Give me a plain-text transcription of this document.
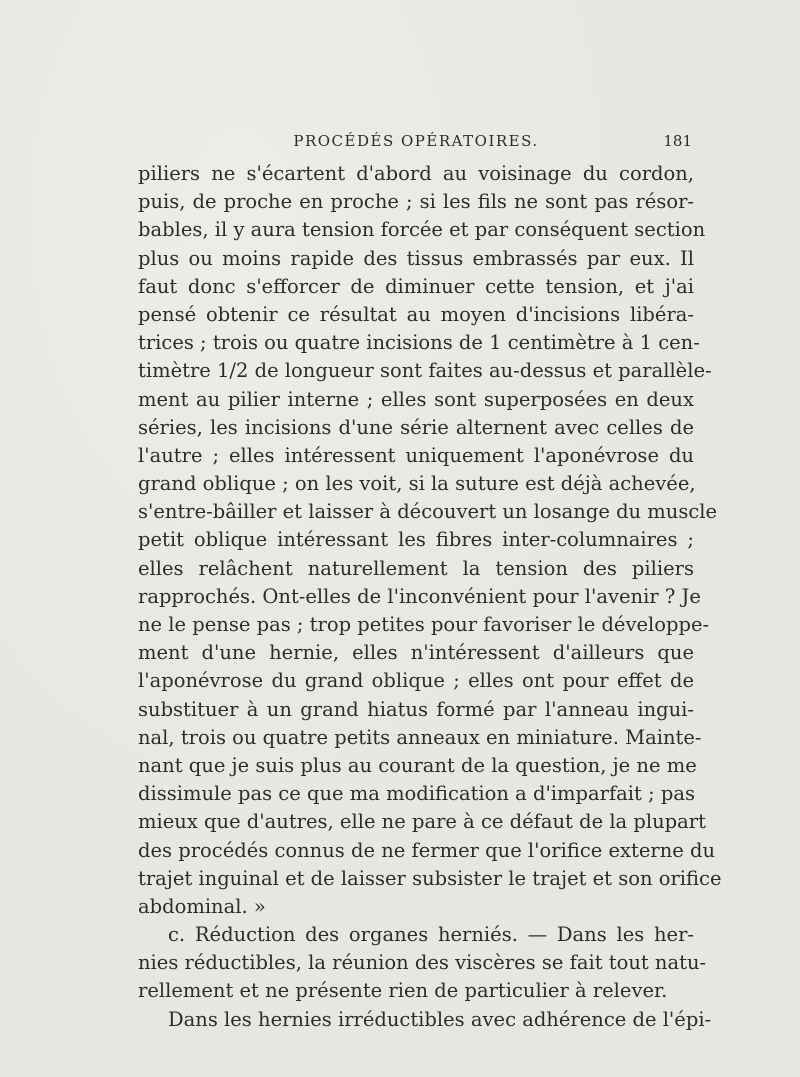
PROCÉDÉS OPÉRATOIRES.	181
piliers ne s'écartent d'abord au voisinage du cordon,
puis, de proche en proche ; si les fils ne sont pas résor-
bables, il y aura tension forcée et par conséquent section
plus ou moins rapide des tissus embrassés par eux. Il
faut donc s'efforcer de diminuer cette tension, et j'ai
pensé obtenir ce résultat au moyen d'incisions libéra-
trices ; trois ou quatre incisions de 1 centimètre à 1 cen-
timètre 1/2 de longueur sont faites au-dessus et parallèle-
ment au pilier interne ; elles sont superposées en deux
séries, les incisions d'une série alternent avec celles de
l'autre ; elles intéressent uniquement l'aponévrose du
grand oblique ; on les voit, si la suture est déjà achevée,
s'entre-bâiller et laisser à découvert un losange du muscle
petit oblique intéressant les fibres inter-columnaires ;
elles relâchent naturellement la tension des piliers
rapprochés. Ont-elles de l'inconvénient pour l'avenir ? Je
ne le pense pas ; trop petites pour favoriser le développe-
ment d'une hernie, elles n'intéressent d'ailleurs que
l'aponévrose du grand oblique ; elles ont pour effet de
substituer à un grand hiatus formé par l'anneau ingui-
nal, trois ou quatre petits anneaux en miniature. Mainte-
nant que je suis plus au courant de la question, je ne me
dissimule pas ce que ma modification a d'imparfait ; pas
mieux que d'autres, elle ne pare à ce défaut de la plupart
des procédés connus de ne fermer que l'orifice externe du
trajet inguinal et de laisser subsister le trajet et son orifice
abdominal. »
c. Réduction des organes herniés. — Dans les her-
nies réductibles, la réunion des viscères se fait tout natu-
rellement et ne présente rien de particulier à relever.
Dans les hernies irréductibles avec adhérence de l'épi-
